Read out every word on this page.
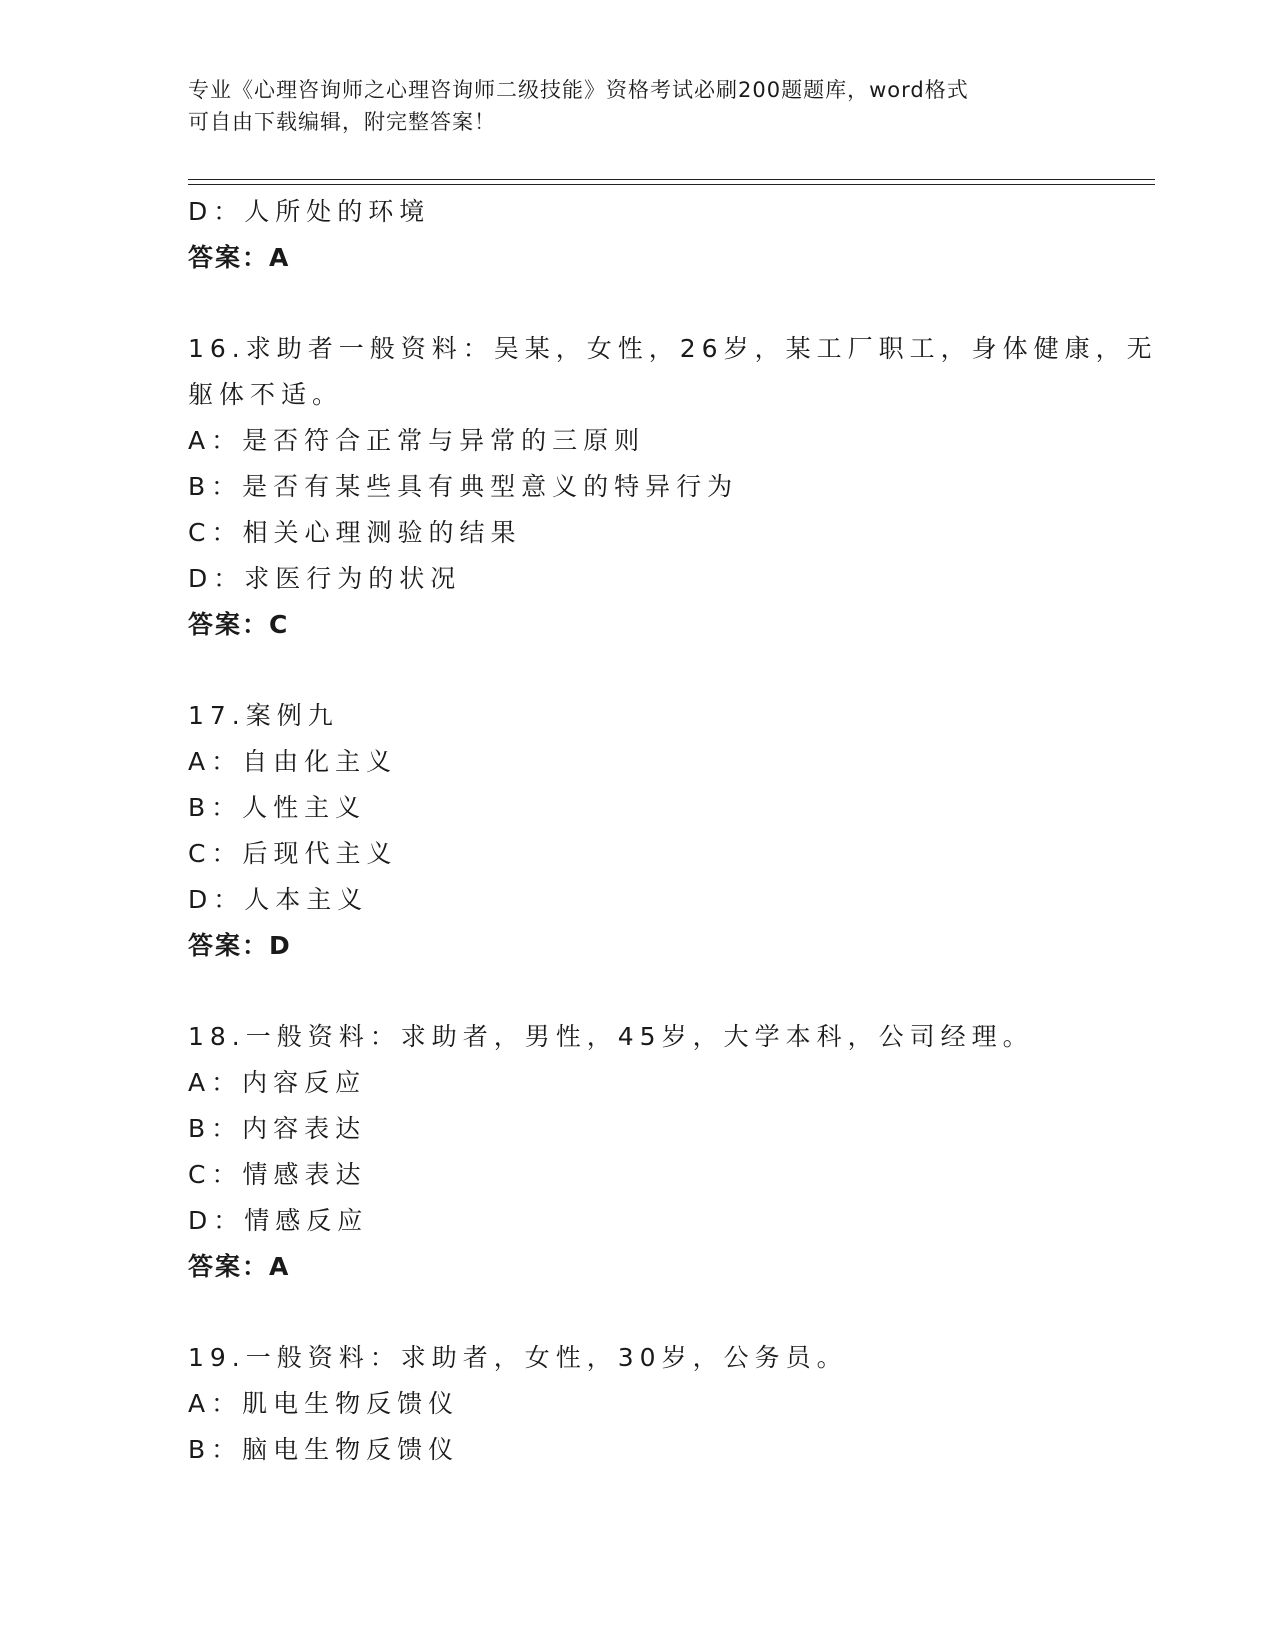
专业《心理咨询师之心理咨询师二级技能》资格考试必刷200题题库，word格式
可自由下载编辑，附完整答案！
D：人所处的环境
答案：A
16.求助者一般资料：吴某，女性，26岁，某工厂职工，身体健康，无
躯体不适。
A：是否符合正常与异常的三原则
B：是否有某些具有典型意义的特异行为
C：相关心理测验的结果
D：求医行为的状况
答案：C
17.案例九
A：自由化主义
B：人性主义
C：后现代主义
D：人本主义
答案：D
18.一般资料：求助者，男性，45岁，大学本科，公司经理。
A：内容反应
B：内容表达
C：情感表达
D：情感反应
答案：A
19.一般资料：求助者，女性，30岁，公务员。
A：肌电生物反馈仪
B：脑电生物反馈仪
